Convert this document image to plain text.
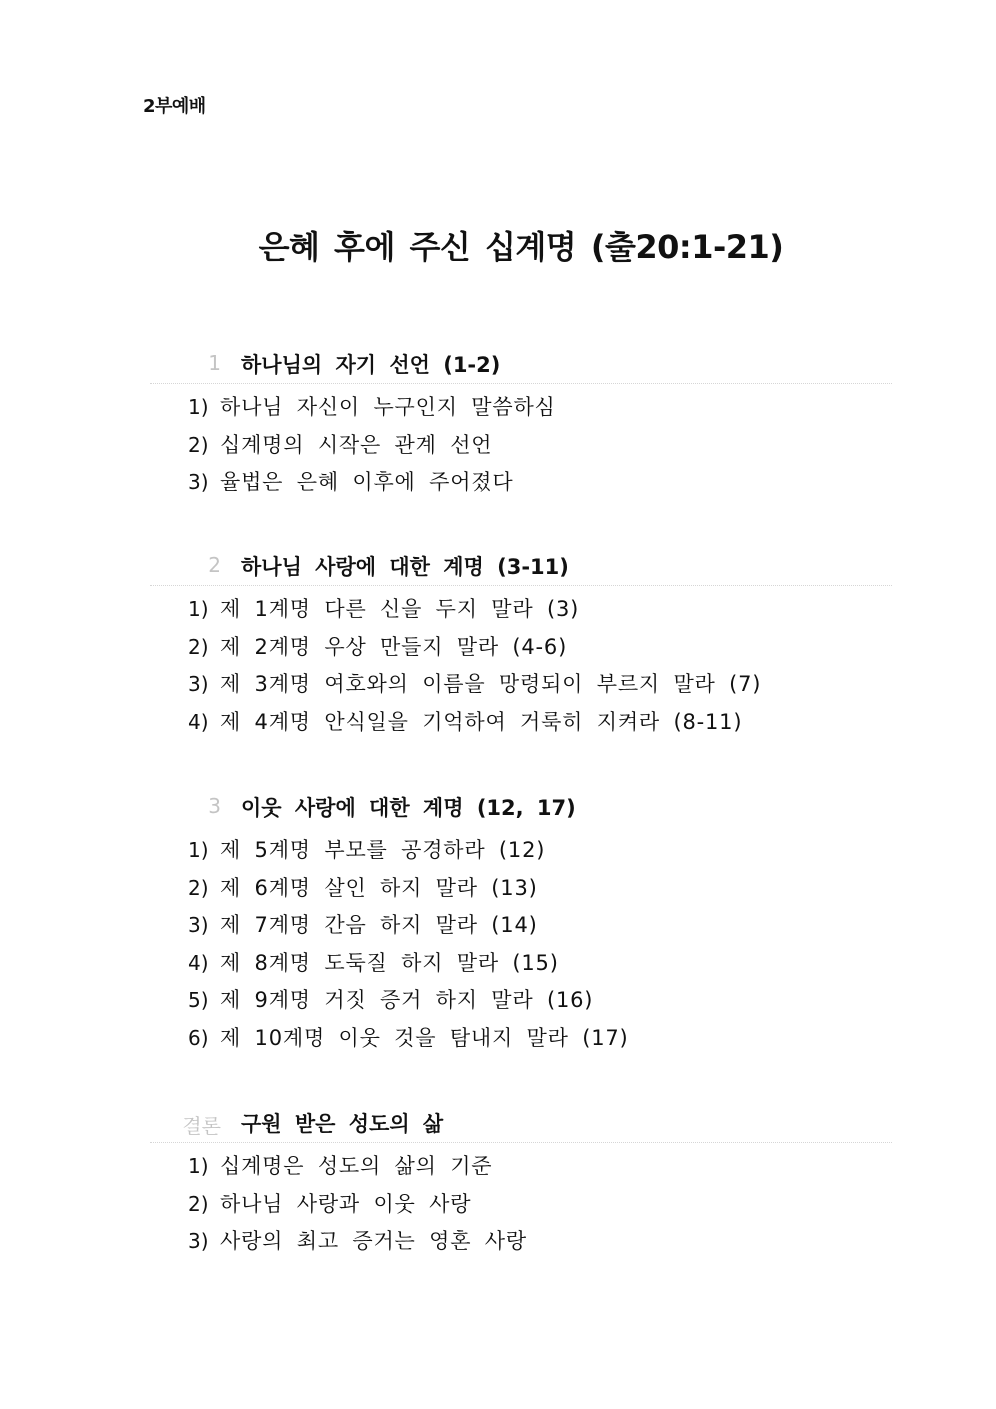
2부예배
은혜 후에 주신 십계명 (출20:1-21)
1 하나님의 자기 선언 (1-2)
1) 하나님 자신이 누구인지 말씀하심
2) 십계명의 시작은 관계 선언
3) 율법은 은혜 이후에 주어졌다
2 하나님 사랑에 대한 계명 (3-11)
1) 제 1계명 다른 신을 두지 말라 (3)
2) 제 2계명 우상 만들지 말라 (4-6)
3) 제 3계명 여호와의 이름을 망령되이 부르지 말라 (7)
4) 제 4계명 안식일을 기억하여 거룩히 지켜라 (8-11)
3 이웃 사랑에 대한 계명 (12, 17)
1) 제 5계명 부모를 공경하라 (12)
2) 제 6계명 살인 하지 말라 (13)
3) 제 7계명 간음 하지 말라 (14)
4) 제 8계명 도둑질 하지 말라 (15)
5) 제 9계명 거짓 증거 하지 말라 (16)
6) 제 10계명 이웃 것을 탐내지 말라 (17)
결론 구원 받은 성도의 삶
1) 십계명은 성도의 삶의 기준
2) 하나님 사랑과 이웃 사랑
3) 사랑의 최고 증거는 영혼 사랑
